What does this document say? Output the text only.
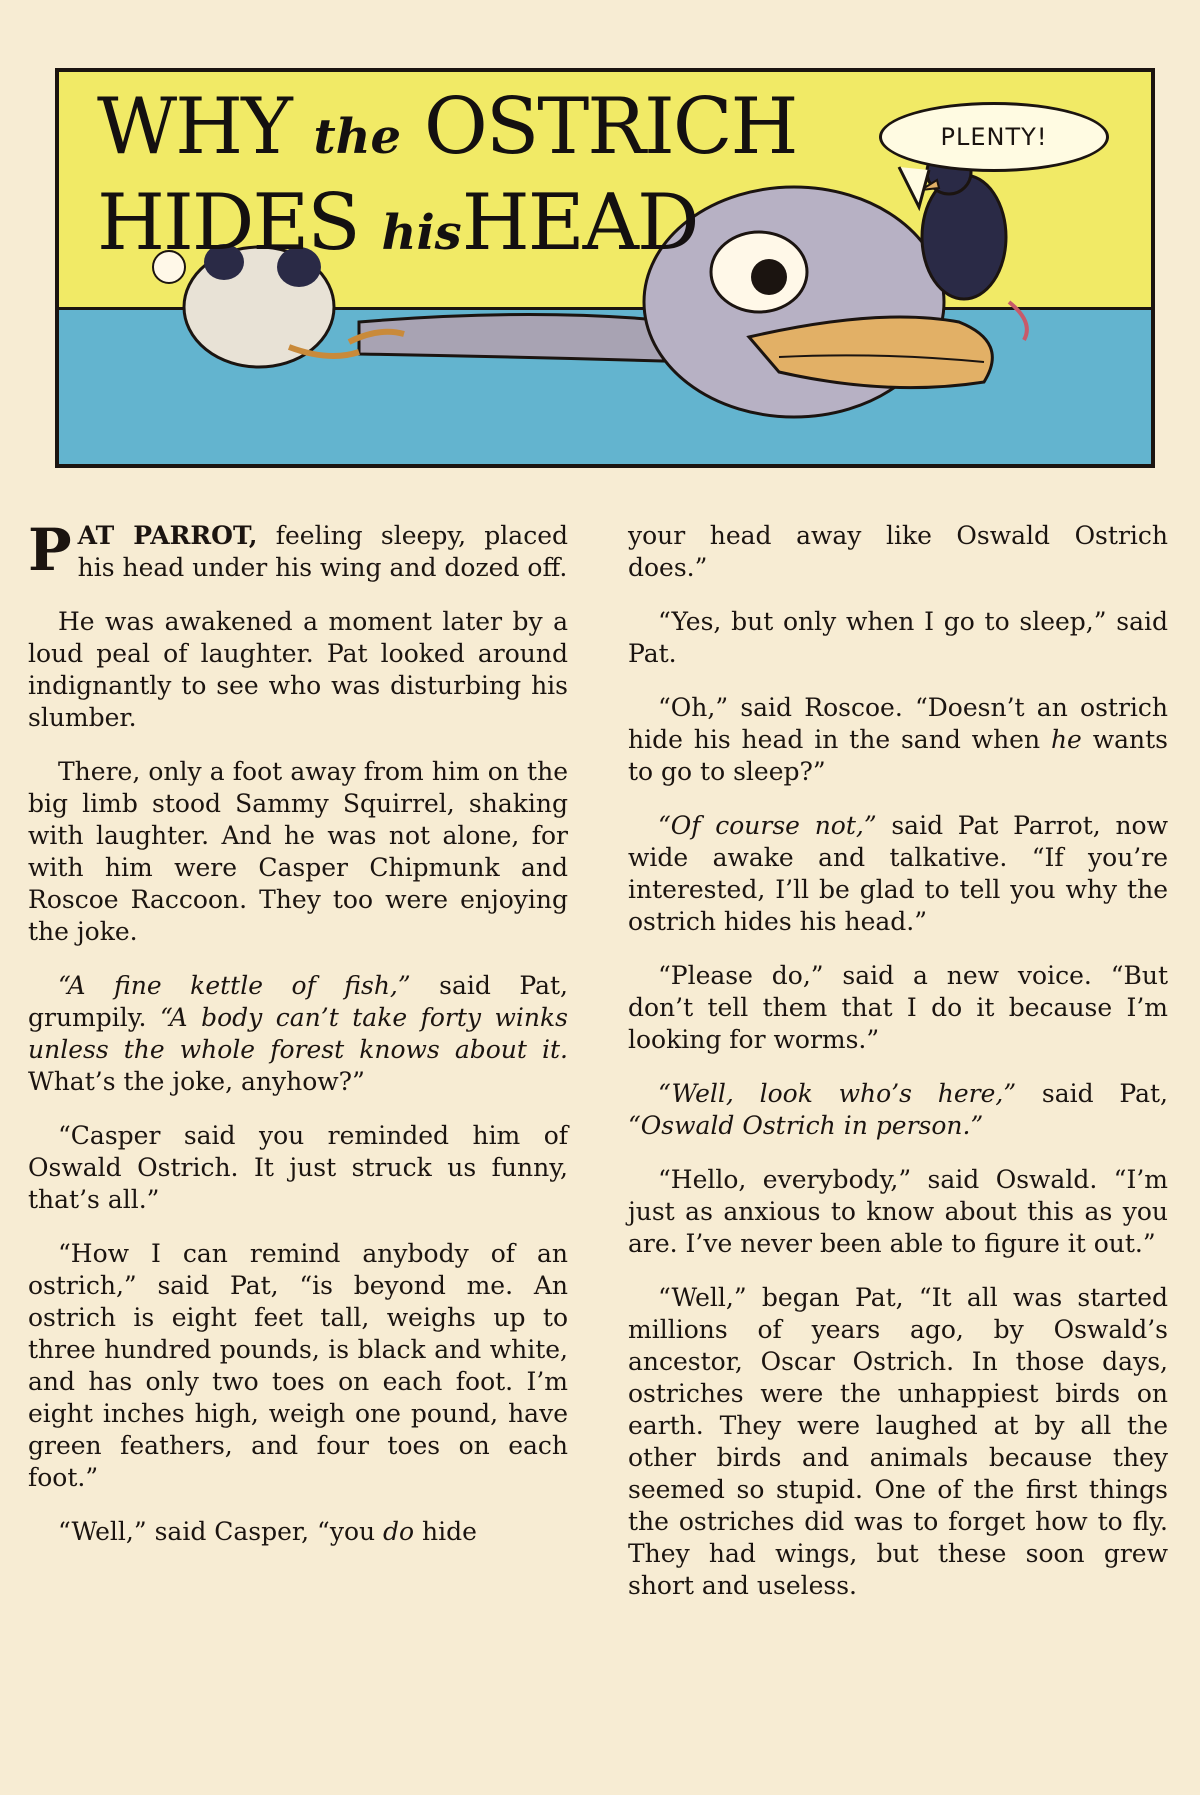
WHY the OSTRICH
HIDES hisHEAD
PLENTY!

PAT PARROT, feeling sleepy, placed his head under his wing and dozed off.

He was awakened a moment later by a loud peal of laughter. Pat looked around indignantly to see who was disturbing his slumber.

There, only a foot away from him on the big limb stood Sammy Squirrel, shaking with laughter. And he was not alone, for with him were Casper Chipmunk and Roscoe Raccoon. They too were enjoying the joke.

“A fine kettle of fish,” said Pat, grumpily. “A body can’t take forty winks unless the whole forest knows about it. What’s the joke, anyhow?”

“Casper said you reminded him of Oswald Ostrich. It just struck us funny, that’s all.”

“How I can remind anybody of an ostrich,” said Pat, “is beyond me. An ostrich is eight feet tall, weighs up to three hundred pounds, is black and white, and has only two toes on each foot. I’m eight inches high, weigh one pound, have green feathers, and four toes on each foot.”

“Well,” said Casper, “you do hide

your head away like Oswald Ostrich does.”

“Yes, but only when I go to sleep,” said Pat.

“Oh,” said Roscoe. “Doesn’t an ostrich hide his head in the sand when he wants to go to sleep?”

“Of course not,” said Pat Parrot, now wide awake and talkative. “If you’re interested, I’ll be glad to tell you why the ostrich hides his head.”

“Please do,” said a new voice. “But don’t tell them that I do it because I’m looking for worms.”

“Well, look who’s here,” said Pat, “Oswald Ostrich in person.”

“Hello, everybody,” said Oswald. “I’m just as anxious to know about this as you are. I’ve never been able to figure it out.”

“Well,” began Pat, “It all was started millions of years ago, by Oswald’s ancestor, Oscar Ostrich. In those days, ostriches were the unhappiest birds on earth. They were laughed at by all the other birds and animals because they seemed so stupid. One of the first things the ostriches did was to forget how to fly. They had wings, but these soon grew short and useless.
